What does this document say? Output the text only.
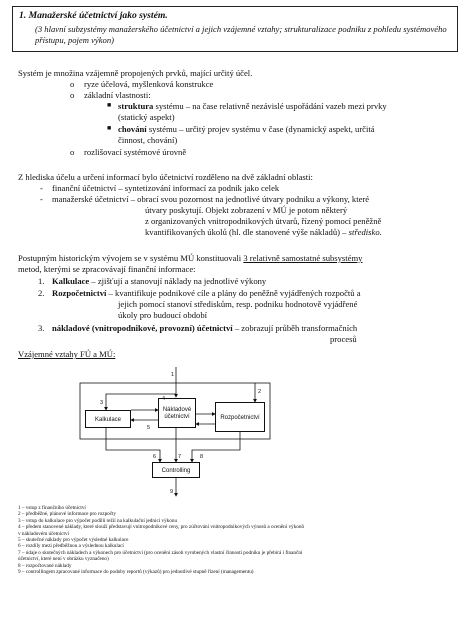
1. Manažerské účetnictví jako systém.
(3 hlavní subzystémy manažerského účetnictví a jejich vzájemné vztahy; strukturalizace podniku z pohledu systémového přístupu, pojem výkon)
Systém je množina vzájemně propojených prvků, mající určitý účel.
o ryze účelová, myšlenková konstrukce
o základní vlastnosti:
■ struktura systému – na čase relativně nezávislé uspořádání vazeb mezi prvky
(statický aspekt)
■ chování systému – určitý projev systému v čase (dynamický aspekt, určitá
činnost, chování)
o rozlišovací systémové úrovně
Z hlediska účelu a určení informací bylo účetnictví rozděleno na dvě základní oblasti:
- finanční účetnictví – syntetizování informací za podnik jako celek
- manažerské účetnictví – obrací svou pozornost na jednotlivé útvary podniku a výkony, které
útvary poskytují. Objekt zobrazení v MÚ je potom některý
z organizovaných vnitropodnikových útvarů, řízený pomocí peněžně
kvantifikovaných úkolů (hl. dle stanovené výše nákladů) – středisko.
Postupným historickým vývojem se v systému MÚ konstituovali 3 relativně samostatné subsystémy
metod, kterými se zpracovávají finanční informace:
1. Kalkulace – zjišťují a stanovují náklady na jednotlivé výkony
2. Rozpočetnictví – kvantifikuje podnikové cíle a plány do peněžně vyjádřených rozpočtů a
jejich pomocí stanoví střediskům, resp. podniku hodnotově vyjádřené
úkoly pro budoucí období
3. nákladové (vnitropodnikové, provozní) účetnictví – zobrazují průběh transformačních
procesů
Vzájemné vztahy FÚ a MÚ:
Kalkulace
Nákladové
účetnictví	Rozpočetnictví
Controlling
1
2
3
4
5
6	7	8
9
1 – vstup z finančního účetnictví
2 – předběžné, plánové informace pro rozpočty
3 – vstup do kalkulace pro výpočet podílů režií na kalkulační jednici výkonu
4 – předem stanovené náklady, které slouží představují vnitropodnikové ceny, pro zúčtování vnitropodnikových výnosů a ocenění výkonů
v nákladovém účetnictví
5 – skutečné náklady pro výpočet výsledné kalkulace
6 – rozdíly mezi předběžnou a výslednou kalkulací
7 – údaje o skutečných nákladech a výkonech pro účetnictví (pro ocenění zásob vyrobených vlastní činností podniku je přebírá i finanční
účetnictví, které není v obrázku vyznačeno)
8 – rozpočtované náklady
9 – controllingem zpracované informace do podoby reportů (výkazů) pro jednotlivé stupně řízení (managementu)
